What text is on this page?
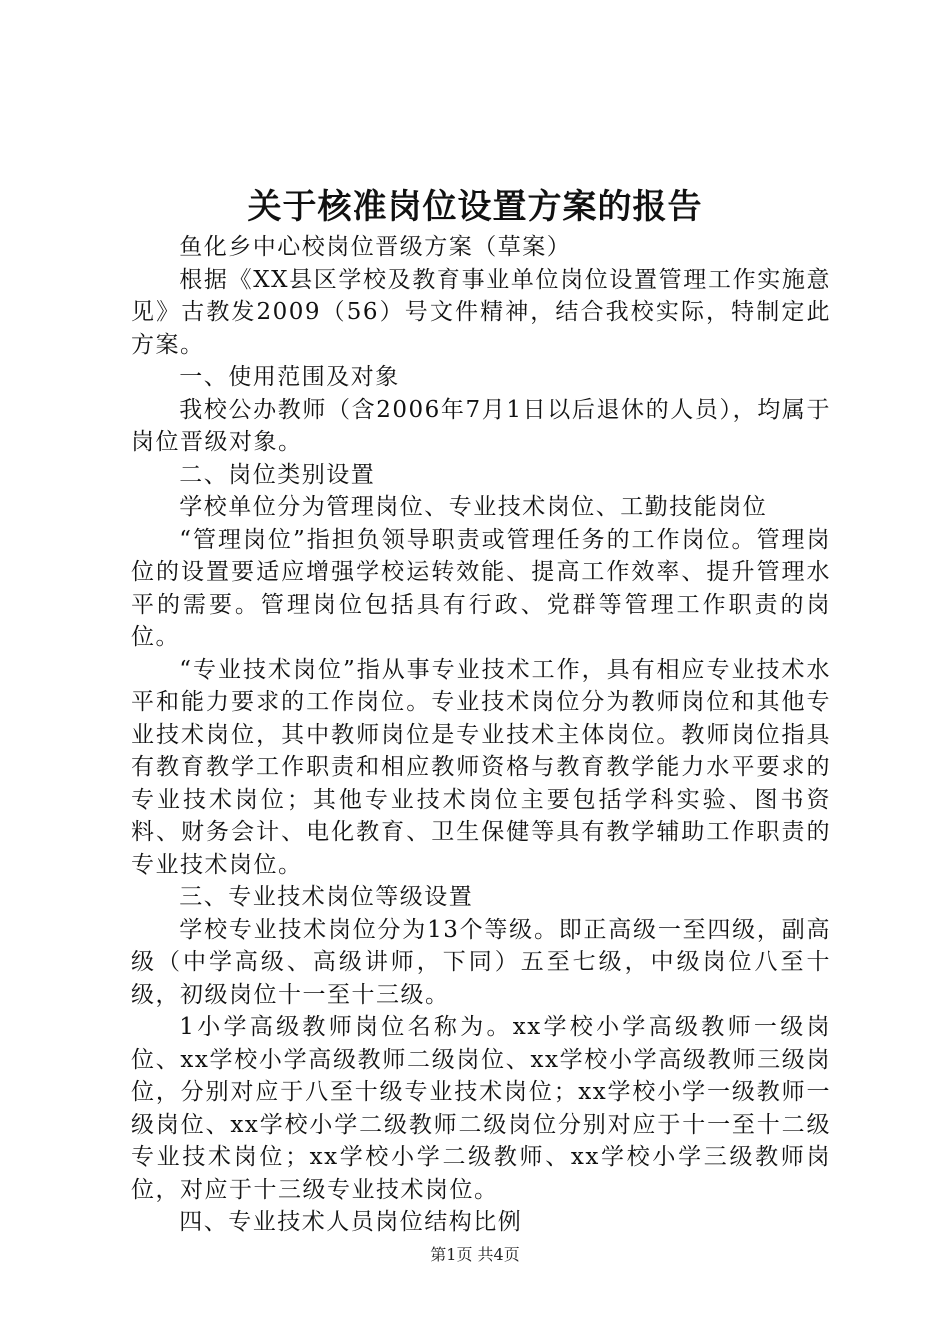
关于核准岗位设置方案的报告

鱼化乡中心校岗位晋级方案（草案）

根据《XX县区学校及教育事业单位岗位设置管理工作实施意见》古教发2009（56）号文件精神，结合我校实际，特制定此方案。

一、使用范围及对象

我校公办教师（含2006年7月1日以后退休的人员），均属于岗位晋级对象。

二、岗位类别设置

学校单位分为管理岗位、专业技术岗位、工勤技能岗位

“管理岗位”指担负领导职责或管理任务的工作岗位。管理岗位的设置要适应增强学校运转效能、提高工作效率、提升管理水平的需要。管理岗位包括具有行政、党群等管理工作职责的岗位。

“专业技术岗位”指从事专业技术工作，具有相应专业技术水平和能力要求的工作岗位。专业技术岗位分为教师岗位和其他专业技术岗位，其中教师岗位是专业技术主体岗位。教师岗位指具有教育教学工作职责和相应教师资格与教育教学能力水平要求的专业技术岗位；其他专业技术岗位主要包括学科实验、图书资料、财务会计、电化教育、卫生保健等具有教学辅助工作职责的专业技术岗位。

三、专业技术岗位等级设置

学校专业技术岗位分为13个等级。即正高级一至四级，副高级（中学高级、高级讲师，下同）五至七级，中级岗位八至十级，初级岗位十一至十三级。

1小学高级教师岗位名称为。xx学校小学高级教师一级岗位、xx学校小学高级教师二级岗位、xx学校小学高级教师三级岗位，分别对应于八至十级专业技术岗位；xx学校小学一级教师一级岗位、xx学校小学二级教师二级岗位分别对应于十一至十二级专业技术岗位；xx学校小学二级教师、xx学校小学三级教师岗位，对应于十三级专业技术岗位。

四、专业技术人员岗位结构比例

第1页 共4页
